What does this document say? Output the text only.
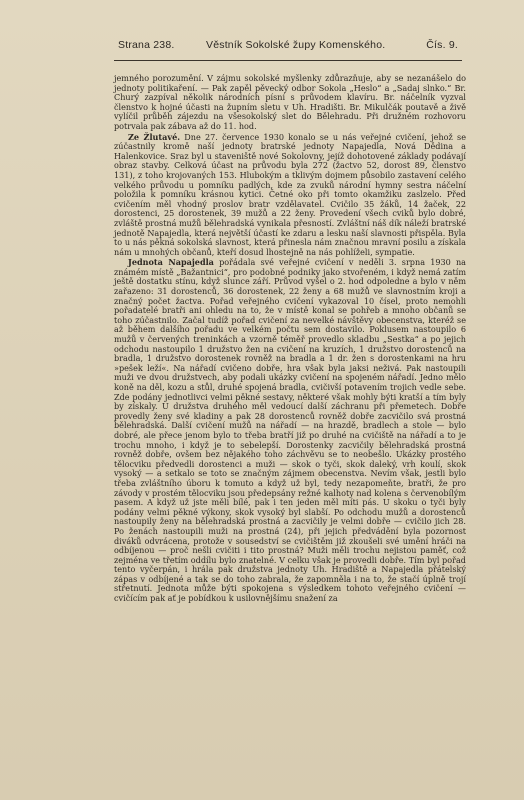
Strana 238.	Věstník Sokolské župy Komenského.	Čís. 9.

jemného porozumění. V zájmu sokolské myšlenky zdůrazňuje, aby se nezanášelo do jednoty politikaření. — Pak zapěl pěvecký odbor Sokola „Heslo“ a „Sadaj slnko.“ Br. Churý zazpíval několik národních písní s průvodem klavíru. Br. náčelník vyzval členstvo k hojné účasti na župním sletu v Uh. Hradišti. Br. Mikulčák poutavě a živě vylíčil průběh zájezdu na všesokolský slet do Bělehradu. Při družném rozhovoru potrvala pak zábava až do 11. hod.

Ze Žlutavé. Dne 27. července 1930 konalo se u nás veřejné cvičení, jehož se zúčastnily kromě naší jednoty bratrské jednoty Napajedla, Nová Dědina a Halenkovice. Sraz byl u staveniště nové Sokolovny, jejíž dohotovené základy podávají obraz stavby. Celková účast na průvodu byla 272 (žactvo 52, dorost 89, členstvo 131), z toho krojovaných 153. Hlubokým a tklivým dojmem působilo zastavení celého velkého průvodu u pomníku padlých, kde za zvuků národní hymny sestra náčelní položila k pomníku krásnou kytici. Četné oko při tomto okamžiku zaslzelo. Před cvičením měl vhodný proslov bratr vzdělavatel. Cvičilo 35 žáků, 14 žaček, 22 dorostenci, 25 dorostenek, 39 mužů a 22 ženy. Provedení všech cviků bylo dobré, zvláště prostná mužů bělehradská vynikala přesností. Zvláštní náš dík náleží bratrské jednotě Napajedla, která největší účastí ke zdaru a lesku naší slavnosti přispěla. Byla to u nás pěkná sokolská slavnost, která přinesla nám značnou mravní posilu a získala nám u mnohých občanů, kteří dosud lhostejně na nás pohlíželi, sympatie.

Jednota Napajedla pořádala své veřejné cvičení v neděli 3. srpna 1930 na známém místě „Bažantnici“, pro podobné podniky jako stvořeném, i když nemá zatím ještě dostatku stínu, když slunce září. Průvod vyšel o 2. hod odpoledne a bylo v něm zařazeno: 31 dorostenců, 36 dorostenek, 22 ženy a 68 mužů ve slavnostním kroji a značný počet žactva. Pořad veřejného cvičení vykazoval 10 čísel, proto nemohli pořadatelé bratři ani ohledu na to, že v místě konal se pohřeb a mnoho občanů se toho zúčastnilo. Začal tudíž pořad cvičení za nevelké návštěvy obecenstva, kteréž se až během dalšího pořadu ve velkém počtu sem dostavilo. Poklusem nastoupilo 6 mužů v červených treninkách a vzorně téměř provedlo skladbu „Sestka“ a po jejich odchodu nastoupilo 1 družstvo žen na cvičení na kruzích, 1 družstvo dorostenců na bradla, 1 družstvo dorostenek rovněž na bradla a 1 dr. žen s dorostenkami na hru »pešek leží«. Na nářadí cvičeno dobře, hra však byla jaksi neživá. Pak nastoupili muži ve dvou družstvech, aby podali ukázky cvičení na spojeném nářadí. Jedno mělo koně na děl, kozu a stůl, druhé spojená bradla, cvičivší potavením trojich vedle sebe. Zde podány jednotlivci velmi pěkné sestavy, některé však mohly býti kratší a tím byly by získaly. U družstva druhého měl vedoucí další záchranu při přemetech. Dobře provedly ženy své kladiny a pak 28 dorostenců rovněž dobře zacvičilo svá prostná bělehradská. Další cvičení mužů na nářadí — na hrazdě, bradlech a stole — bylo dobré, ale přece jenom bylo to třeba bratří již po druhé na cvičiště na nářadí a to je trochu mnoho, i když je to sebelepší. Dorostenky zacvičily bělehradská prostná rovněž dobře, ovšem bez nějakého toho záchvěvu se to neobešlo. Ukázky prostého tělocviku předvedli dorostenci a muži — skok o tyči, skok daleký, vrh koulí, skok vysoký — a setkalo se toto se značným zájmem obecenstva. Nevím však, jestli bylo třeba zvláštního úboru k tomuto a když už byl, tedy nezapomeňte, bratři, že pro závody v prostém tělocviku jsou předepsány režné kalhoty nad kolena s červenobílým pasem. A když už jste měli bílé, pak i ten jeden měl míti pás. U skoku o tyči byly podány velmi pěkné výkony, skok vysoký byl slabší. Po odchodu mužů a dorostenců nastoupily ženy na bělehradská prostná a zacvičily je velmi dobře — cvičilo jich 28. Po ženách nastoupili muži na prostná (24), při jejich předvádění byla pozornost diváků odvrácena, protože v sousedství se cvičištěm již zkoušeli své umění hráči na odbíjenou — proč nešli cvičiti i tito prostná? Muži měli trochu nejistou paměť, což zejména ve třetím oddílu bylo znatelné. V celku však je provedli dobře. Tím byl pořad tento vyčerpán, i hrála pak družstva jednoty Uh. Hradiště a Napajedla přátelský zápas v odbíjené a tak se do toho zabrala, že zapomněla i na to, že stačí úplně trojí střetnutí. Jednota může býti spokojena s výsledkem tohoto veřejného cvičení — cvičícím pak ať je pobídkou k usilovnějšímu snažení za
